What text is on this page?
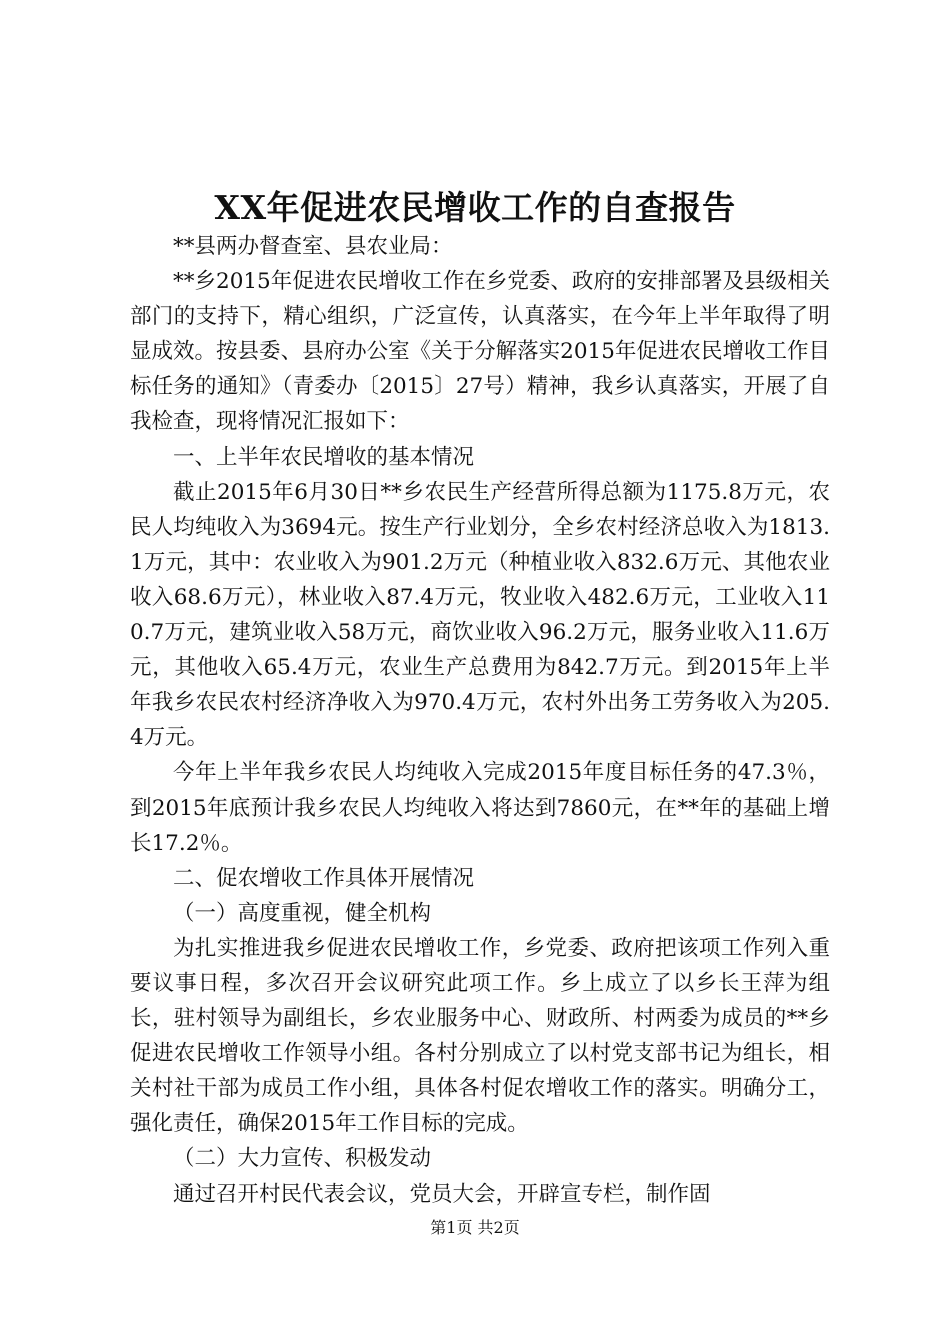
XX年促进农民增收工作的自查报告

**县两办督查室、县农业局：

**乡2015年促进农民增收工作在乡党委、政府的安排部署及县级相关部门的支持下，精心组织，广泛宣传，认真落实，在今年上半年取得了明显成效。按县委、县府办公室《关于分解落实2015年促进农民增收工作目标任务的通知》（青委办〔2015〕27号）精神，我乡认真落实，开展了自我检查，现将情况汇报如下：

一、上半年农民增收的基本情况

截止2015年6月30日**乡农民生产经营所得总额为1175.8万元，农民人均纯收入为3694元。按生产行业划分，全乡农村经济总收入为1813.1万元，其中：农业收入为901.2万元（种植业收入832.6万元、其他农业收入68.6万元），林业收入87.4万元，牧业收入482.6万元，工业收入110.7万元，建筑业收入58万元，商饮业收入96.2万元，服务业收入11.6万元，其他收入65.4万元，农业生产总费用为842.7万元。到2015年上半年我乡农民农村经济净收入为970.4万元，农村外出务工劳务收入为205.4万元。

今年上半年我乡农民人均纯收入完成2015年度目标任务的47.3％，到2015年底预计我乡农民人均纯收入将达到7860元，在**年的基础上增长17.2％。

二、促农增收工作具体开展情况

（一）高度重视，健全机构

为扎实推进我乡促进农民增收工作，乡党委、政府把该项工作列入重要议事日程，多次召开会议研究此项工作。乡上成立了以乡长王萍为组长，驻村领导为副组长，乡农业服务中心、财政所、村两委为成员的**乡促进农民增收工作领导小组。各村分别成立了以村党支部书记为组长，相关村社干部为成员工作小组，具体各村促农增收工作的落实。明确分工，强化责任，确保2015年工作目标的完成。

（二）大力宣传、积极发动

通过召开村民代表会议，党员大会，开辟宣专栏，制作固

第1页 共2页
